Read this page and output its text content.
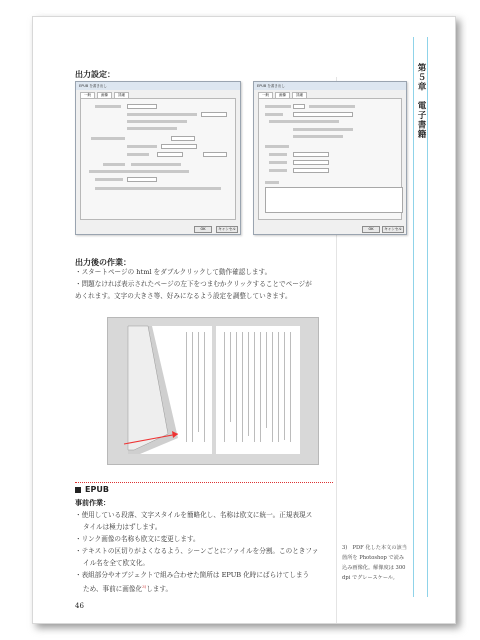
第５章　電子書籍
出力設定：
EPUB を書き出し
一般	画像	詳細
OK	キャンセル
EPUB を書き出し
一般	画像	詳細
OK	キャンセル
出力後の作業：
・スタートページの html をダブルクリックして動作確認します。
・問題なければ表示されたページの左下をつまむかクリックすることでページが
めくれます。文字の大きさ等、好みになるよう設定を調整していきます。
EPUB
事前作業：
・使用している段落、文字スタイルを簡略化し、名称は欧文に統一。正規表現ス
タイルは極力はずします。
・リンク画像の名称も欧文に変更します。
・テキストの区切りがよくなるよう、シーンごとにファイルを分割。このときファ
イル名を全て欧文化。
・表組部分やオブジェクトで組み合わせた箇所は EPUB 化時にばらけてしまう
ため、事前に画像化$^{3)}$します。
3)　PDF 化した本文の該当箇所を Photoshop で読み込み画像化。解像度は 300 dpi でグレースケール。
46
